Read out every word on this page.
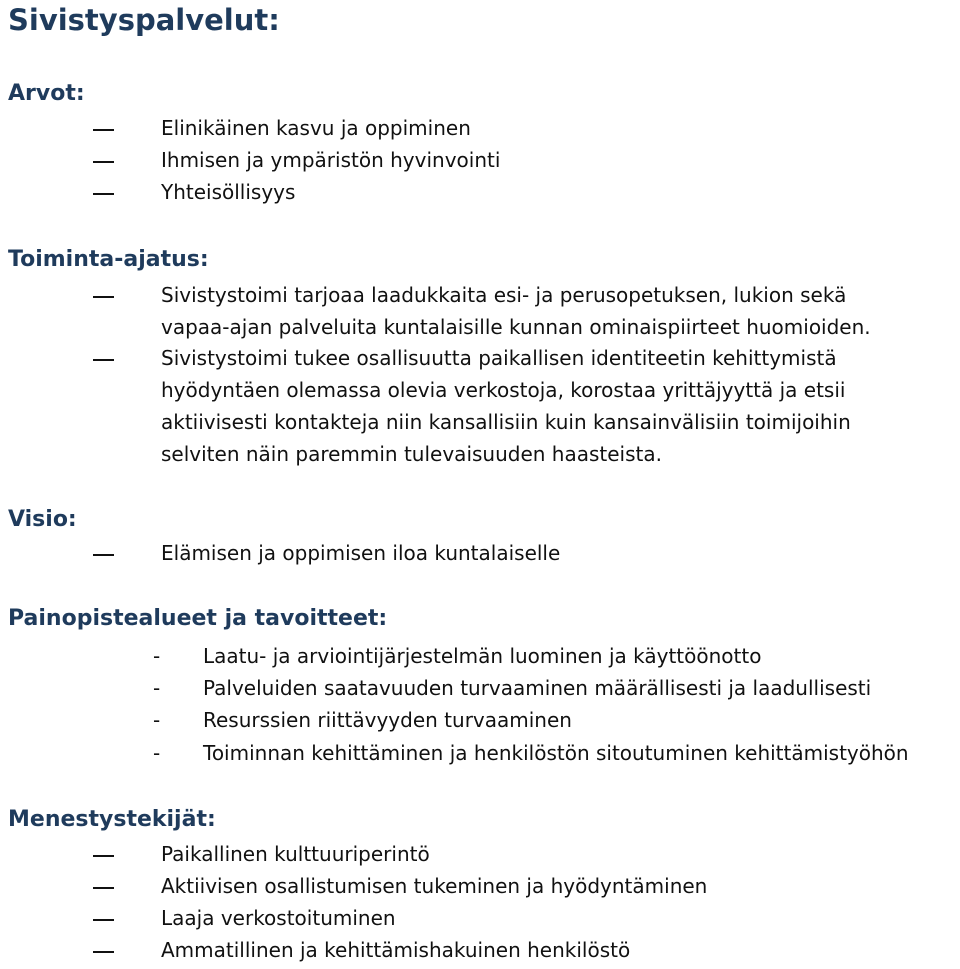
Sivistyspalvelut:
Arvot:
Elinikäinen kasvu ja oppiminen
Ihmisen ja ympäristön hyvinvointi
Yhteisöllisyys
Toiminta-ajatus:
Sivistystoimi tarjoaa laadukkaita esi- ja perusopetuksen, lukion sekä
vapaa-ajan palveluita kuntalaisille kunnan ominaispiirteet huomioiden.
Sivistystoimi tukee osallisuutta paikallisen identiteetin kehittymistä
hyödyntäen olemassa olevia verkostoja, korostaa yrittäjyyttä ja etsii
aktiivisesti kontakteja niin kansallisiin kuin kansainvälisiin toimijoihin
selviten näin paremmin tulevaisuuden haasteista.
Visio:
Elämisen ja oppimisen iloa kuntalaiselle
Painopistealueet ja tavoitteet:
- Laatu- ja arviointijärjestelmän luominen ja käyttöönotto
- Palveluiden saatavuuden turvaaminen määrällisesti ja laadullisesti
- Resurssien riittävyyden turvaaminen
- Toiminnan kehittäminen ja henkilöstön sitoutuminen kehittämistyöhön
Menestystekijät:
Paikallinen kulttuuriperintö
Aktiivisen osallistumisen tukeminen ja hyödyntäminen
Laaja verkostoituminen
Ammatillinen ja kehittämishakuinen henkilöstö
